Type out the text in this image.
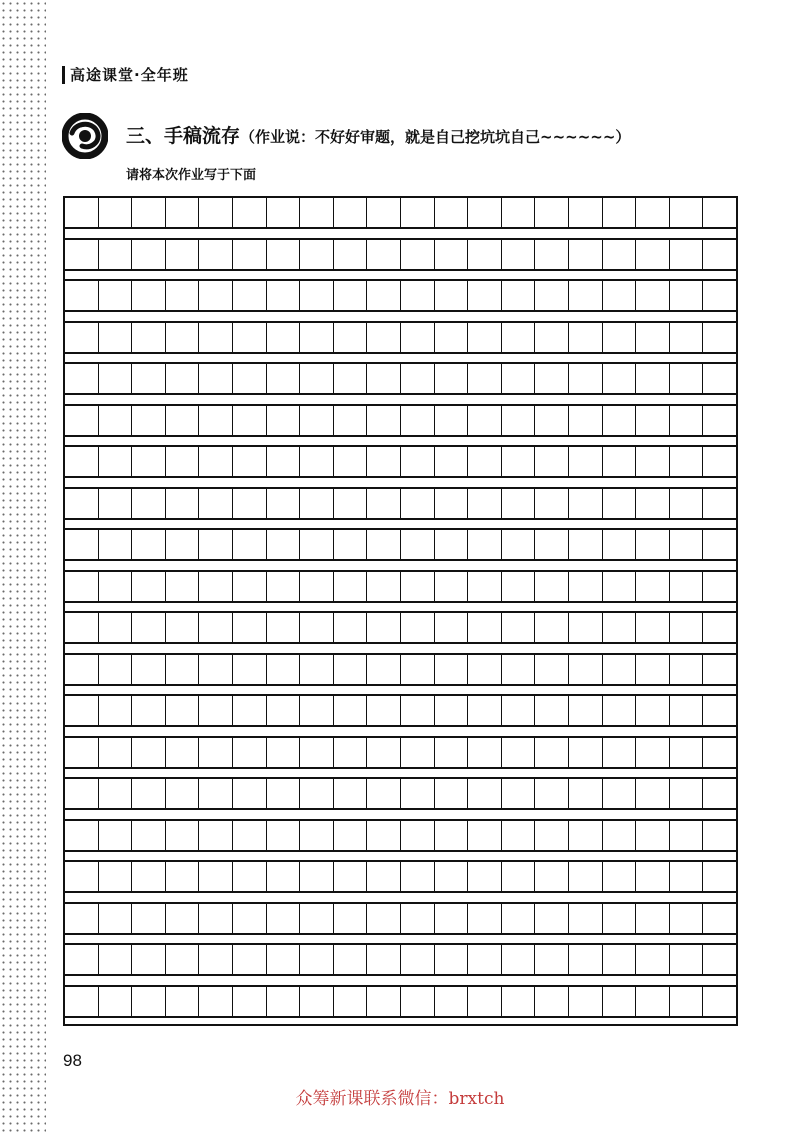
高途课堂·全年班
三、手稿流存（作业说：不好好审题，就是自己挖坑坑自己~~~~~~）
请将本次作业写于下面
98
众筹新课联系微信：brxtch
